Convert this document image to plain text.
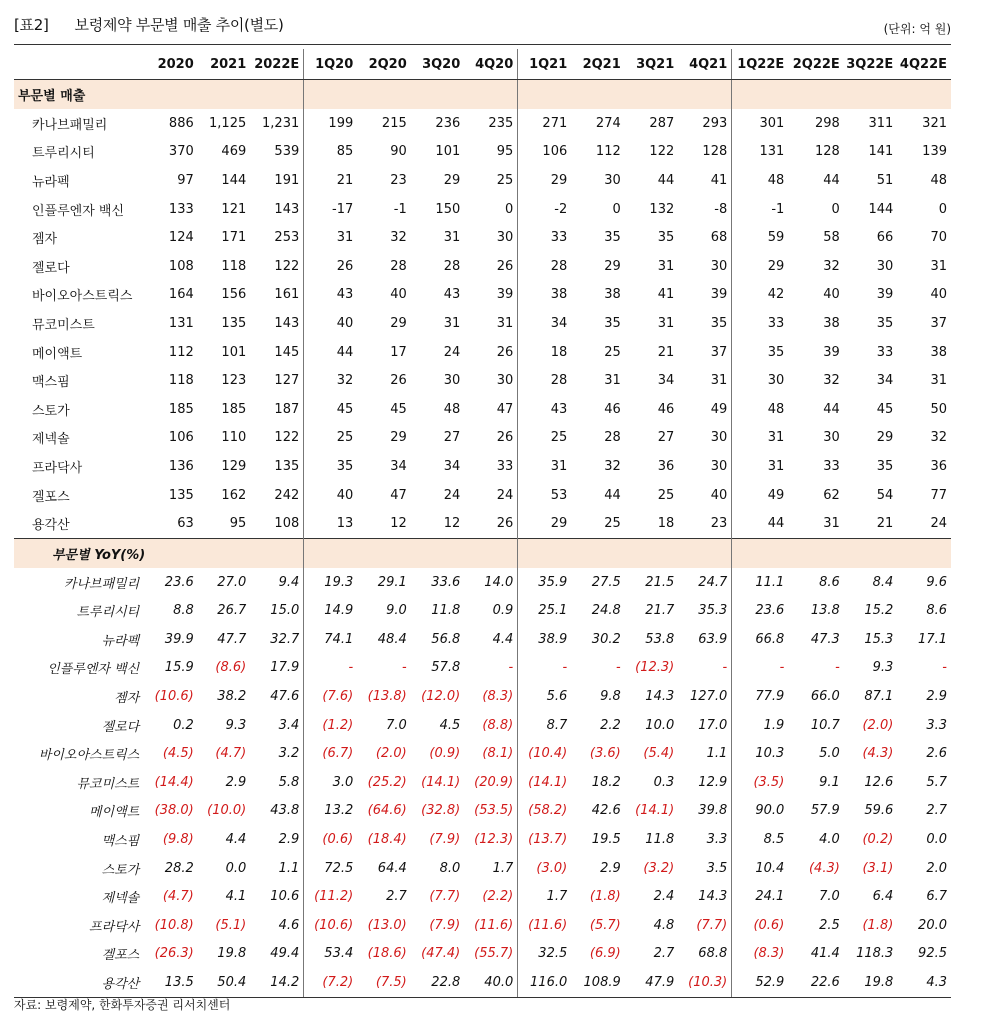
[표2] 보령제약 부문별 매출 추이(별도)	(단위: 억 원)
	2020	2021	2022E	1Q20	2Q20	3Q20	4Q20	1Q21	2Q21	3Q21	4Q21	1Q22E	2Q22E	3Q22E	4Q22E
부문별 매출															
카나브패밀리	886	1,125	1,231	199	215	236	235	271	274	287	293	301	298	311	321
트루리시티	370	469	539	85	90	101	95	106	112	122	128	131	128	141	139
뉴라펙	97	144	191	21	23	29	25	29	30	44	41	48	44	51	48
인플루엔자 백신	133	121	143	-17	-1	150	0	-2	0	132	-8	-1	0	144	0
젬자	124	171	253	31	32	31	30	33	35	35	68	59	58	66	70
젤로다	108	118	122	26	28	28	26	28	29	31	30	29	32	30	31
바이오아스트릭스	164	156	161	43	40	43	39	38	38	41	39	42	40	39	40
뮤코미스트	131	135	143	40	29	31	31	34	35	31	35	33	38	35	37
메이액트	112	101	145	44	17	24	26	18	25	21	37	35	39	33	38
맥스핌	118	123	127	32	26	30	30	28	31	34	31	30	32	34	31
스토가	185	185	187	45	45	48	47	43	46	46	49	48	44	45	50
제넥솔	106	110	122	25	29	27	26	25	28	27	30	31	30	29	32
프라닥사	136	129	135	35	34	34	33	31	32	36	30	31	33	35	36
겔포스	135	162	242	40	47	24	24	53	44	25	40	49	62	54	77
용각산	63	95	108	13	12	12	26	29	25	18	23	44	31	21	24
부문별 YoY(%)															
카나브패밀리	23.6	27.0	9.4	19.3	29.1	33.6	14.0	35.9	27.5	21.5	24.7	11.1	8.6	8.4	9.6
트루리시티	8.8	26.7	15.0	14.9	9.0	11.8	0.9	25.1	24.8	21.7	35.3	23.6	13.8	15.2	8.6
뉴라펙	39.9	47.7	32.7	74.1	48.4	56.8	4.4	38.9	30.2	53.8	63.9	66.8	47.3	15.3	17.1
인플루엔자 백신	15.9	(8.6)	17.9	-	-	57.8	-	-	-	(12.3)	-	-	-	9.3	-
젬자	(10.6)	38.2	47.6	(7.6)	(13.8)	(12.0)	(8.3)	5.6	9.8	14.3	127.0	77.9	66.0	87.1	2.9
젤로다	0.2	9.3	3.4	(1.2)	7.0	4.5	(8.8)	8.7	2.2	10.0	17.0	1.9	10.7	(2.0)	3.3
바이오아스트릭스	(4.5)	(4.7)	3.2	(6.7)	(2.0)	(0.9)	(8.1)	(10.4)	(3.6)	(5.4)	1.1	10.3	5.0	(4.3)	2.6
뮤코미스트	(14.4)	2.9	5.8	3.0	(25.2)	(14.1)	(20.9)	(14.1)	18.2	0.3	12.9	(3.5)	9.1	12.6	5.7
메이액트	(38.0)	(10.0)	43.8	13.2	(64.6)	(32.8)	(53.5)	(58.2)	42.6	(14.1)	39.8	90.0	57.9	59.6	2.7
맥스핌	(9.8)	4.4	2.9	(0.6)	(18.4)	(7.9)	(12.3)	(13.7)	19.5	11.8	3.3	8.5	4.0	(0.2)	0.0
스토가	28.2	0.0	1.1	72.5	64.4	8.0	1.7	(3.0)	2.9	(3.2)	3.5	10.4	(4.3)	(3.1)	2.0
제넥솔	(4.7)	4.1	10.6	(11.2)	2.7	(7.7)	(2.2)	1.7	(1.8)	2.4	14.3	24.1	7.0	6.4	6.7
프라닥사	(10.8)	(5.1)	4.6	(10.6)	(13.0)	(7.9)	(11.6)	(11.6)	(5.7)	4.8	(7.7)	(0.6)	2.5	(1.8)	20.0
겔포스	(26.3)	19.8	49.4	53.4	(18.6)	(47.4)	(55.7)	32.5	(6.9)	2.7	68.8	(8.3)	41.4	118.3	92.5
용각산	13.5	50.4	14.2	(7.2)	(7.5)	22.8	40.0	116.0	108.9	47.9	(10.3)	52.9	22.6	19.8	4.3
자료: 보령제약, 한화투자증권 리서치센터
